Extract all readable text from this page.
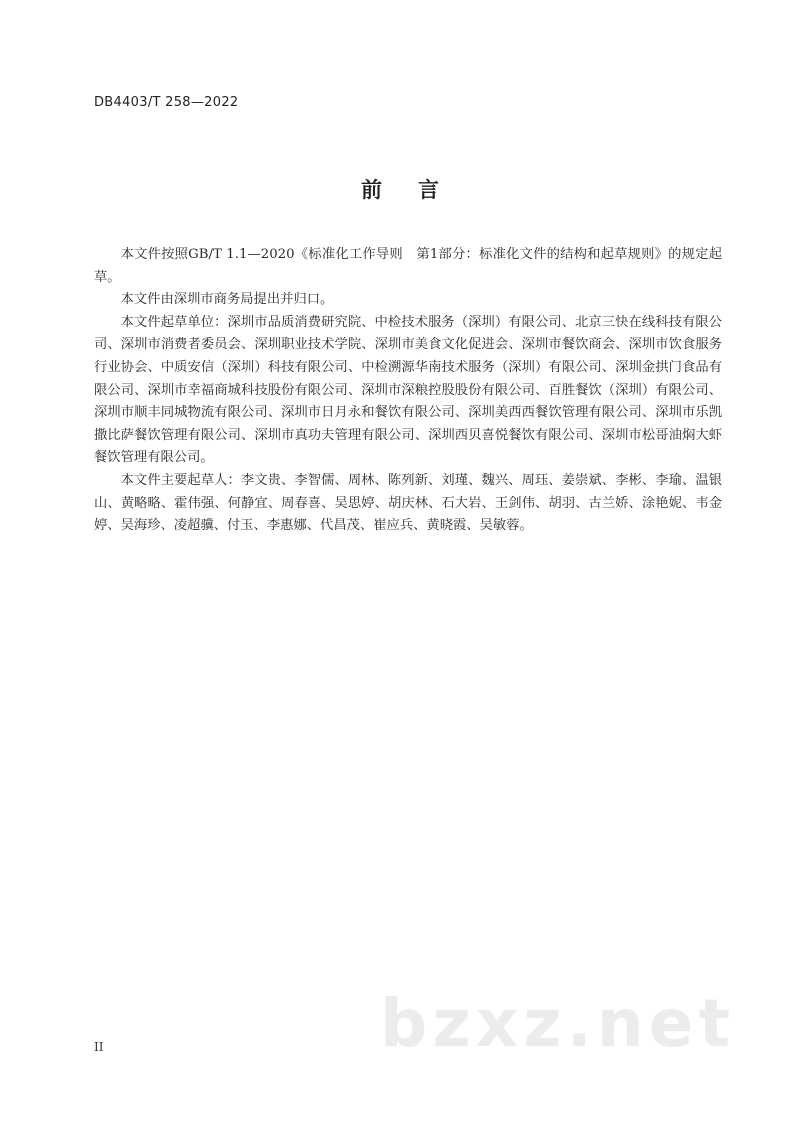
DB4403/T 258—2022
前言

本文件按照GB/T 1.1—2020《标准化工作导则　第1部分：标准化文件的结构和起草规则》的规定起草。

本文件由深圳市商务局提出并归口。

本文件起草单位：深圳市品质消费研究院、中检技术服务（深圳）有限公司、北京三快在线科技有限公司、深圳市消费者委员会、深圳职业技术学院、深圳市美食文化促进会、深圳市餐饮商会、深圳市饮食服务行业协会、中质安信（深圳）科技有限公司、中检溯源华南技术服务（深圳）有限公司、深圳金拱门食品有限公司、深圳市幸福商城科技股份有限公司、深圳市深粮控股股份有限公司、百胜餐饮（深圳）有限公司、深圳市顺丰同城物流有限公司、深圳市日月永和餐饮有限公司、深圳美西西餐饮管理有限公司、深圳市乐凯撒比萨餐饮管理有限公司、深圳市真功夫管理有限公司、深圳西贝喜悦餐饮有限公司、深圳市松哥油焖大虾餐饮管理有限公司。

本文件主要起草人：李文贵、李智儒、周林、陈列新、刘瑾、魏兴、周珏、姜崇斌、李彬、李瑜、温银山、黄略略、霍伟强、何静宜、周春喜、吴思婷、胡庆林、石大岩、王剑伟、胡羽、古兰娇、涂艳妮、韦金婷、吴海珍、凌超骥、付玉、李惠娜、代昌茂、崔应兵、黄晓霞、吴敏蓉。

II	bzxz.net
